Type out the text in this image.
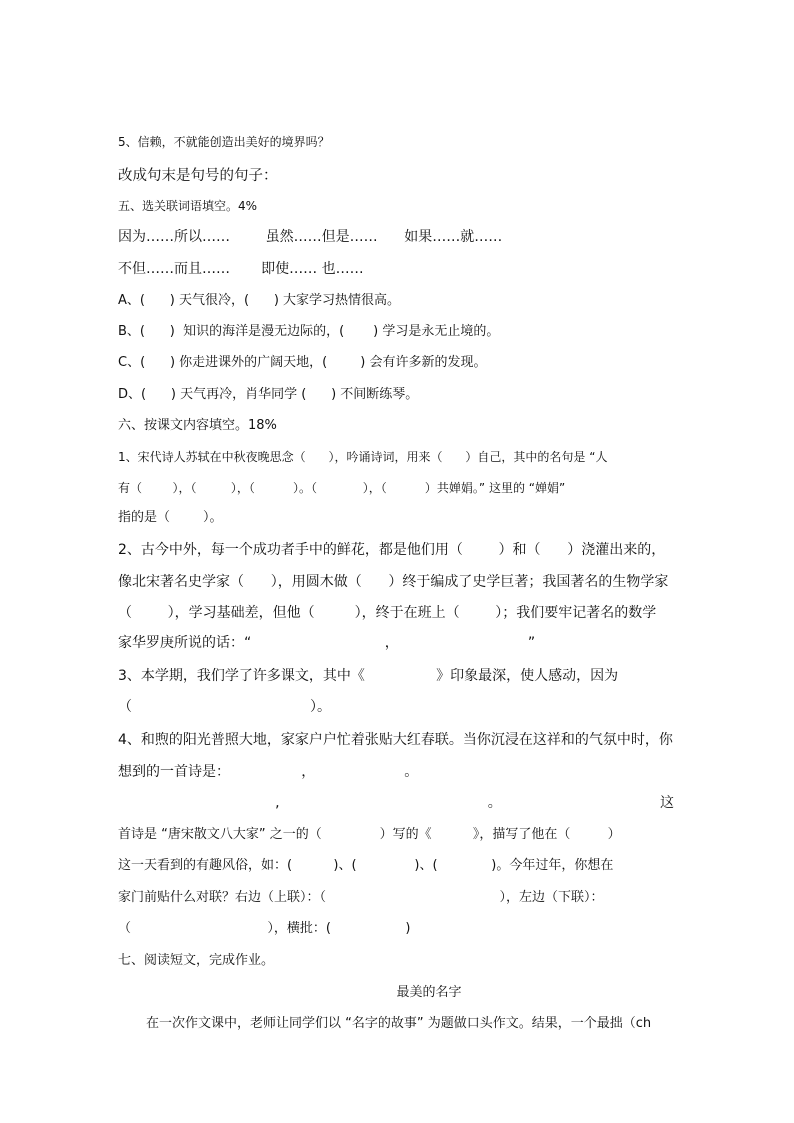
5、信赖，不就能创造出美好的境界吗？
改成句末是句号的句子：
五、选关联词语填空。4%
因为……所以……        虽然……但是……      如果……就……
不但……而且……       即使…… 也……
A、(      ) 天气很冷，(      ) 大家学习热情很高。
B、(      )  知识的海洋是漫无边际的，(       ) 学习是永无止境的。
C、(      ) 你走进课外的广阔天地，(        ) 会有许多新的发现。
D、(      ) 天气再冷，肖华同学 (      ) 不间断练琴。
六、按课文内容填空。18%
1、宋代诗人苏轼在中秋夜晚思念（      ），吟诵诗词，用来（      ）自己，其中的名句是 “人
有（        ），（         ），（          ）。（            ），（          ）共婵娟。” 这里的 “婵娟”
指的是（        ）。
2、古今中外，每一个成功者手中的鲜花，都是他们用（        ）和（      ）浇灌出来的，
像北宋著名史学家（      ），用圆木做（      ）终于编成了史学巨著；我国著名的生物学家
（        ），学习基础差，但他（         ），终于在班上（        ）；我们要牢记著名的数学
家华罗庚所说的话：“                              ，                             ”
3、本学期，我们学了许多课文，其中《                》印象最深，使人感动，因为
（                                        ）。
4、和煦的阳光普照大地，家家户户忙着张贴大红春联。当你沉浸在这祥和的气氛中时，你
想到的一首诗是：                ，                    。
,	。	这
首诗是 “唐宋散文八大家” 之一的（              ）写的《          》，描写了他在（         ）
这一天看到的有趣风俗，如：(          )、(              )、(             )。今年过年，你想在
家门前贴什么对联？右边（上联）：（                                          ），左边（下联）：
（                                 ），横批：(                  )
七、阅读短文，完成作业。
最美的名字
在一次作文课中，老师让同学们以 “名字的故事” 为题做口头作文。结果，一个最拙（ch
